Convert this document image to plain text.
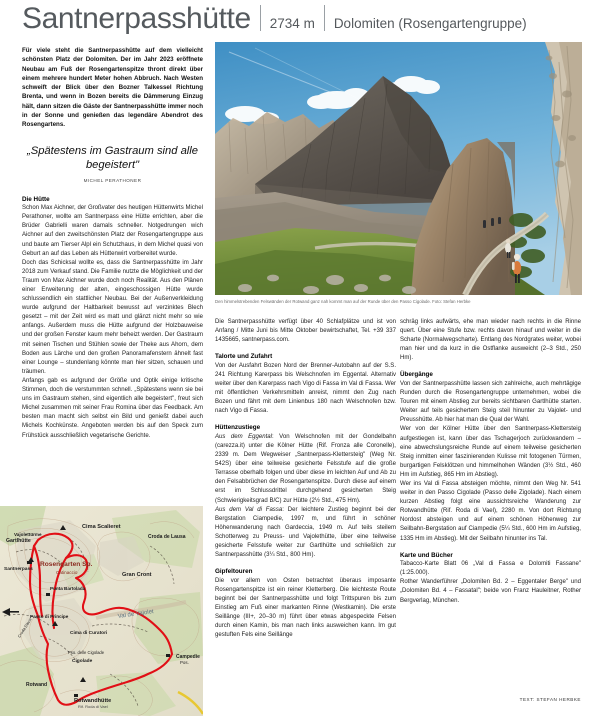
Santnerpasshütte 2734 m Dolomiten (Rosengartengruppe)
Den himmelstrebenden Felswänden der Rotwand ganz nah kommt man auf der Runde über den Passo Cigolade. Foto: Stefan Herbke

Für viele steht die Santnerpasshütte auf dem vielleicht schönsten Platz der Dolomiten. Der im Jahr 2023 eröffnete Neubau am Fuß der Rosengartenspitze thront direkt über einem mehrere hundert Meter hohen Abbruch. Nach Westen schweift der Blick über den Bozner Talkessel Richtung Brenta, und wenn in Bozen bereits die Dämmerung Einzug hält, dann sitzen die Gäste der Santnerpasshütte immer noch in der Sonne und genießen das legendäre Abendrot des Rosengartens.

„Spätestens im Gastraum sind alle begeistert"
MICHEL PERATHONER
Die Hütte

Schon Max Aichner, der Großvater des heutigen Hüttenwirts Michel Perathoner, wollte am Santnerpass eine Hütte errichten, aber die Brüder Gabrielli waren damals schneller. Notgedrungen wich Aichner auf den zweitschönsten Platz der Rosengartengruppe aus und baute am Tierser Alpl ein Schutzhaus, in dem Michel quasi von Geburt an auf das Leben als Hüttenwirt vorbereitet wurde.

Doch das Schicksal wollte es, dass die Santnerpasshütte im Jahr 2018 zum Verkauf stand. Die Familie nutzte die Möglichkeit und der Traum von Max Aichner wurde doch noch Realität. Aus den Plänen einer Erweiterung der alten, eingeschossigen Hütte wurde schlussendlich ein stattlicher Neubau. Bei der Außenverkleidung wurde aufgrund der Haltbarkeit bewusst auf verzinktes Blech gesetzt – mit der Zeit wird es matt und glänzt nicht mehr so wie anfangs. Außerdem muss die Hütte aufgrund der Holzbauweise und der großen Fenster kaum mehr beheizt werden. Der Gastraum mit seinen Tischen und Stühlen sowie der Theke aus Ahorn, dem Boden aus Lärche und den großen Panoramafenstern ähnelt fast einer Lounge – stundenlang könnte man hier sitzen, schauen und träumen.

Anfangs gab es aufgrund der Größe und Optik einige kritische Stimmen, doch die verstummten schnell. „Spätestens wenn sie bei uns im Gastraum stehen, sind eigentlich alle begeistert", freut sich Michel zusammen mit seiner Frau Romina über das Feedback. Am besten man macht sich selbst ein Bild und genießt dabei auch Michels Kochkünste. Angeboten werden bis auf den Speck zum Frühstück ausschließlich vegetarische Gerichte.

Die Santnerpasshütte verfügt über 40 Schlafplätze und ist von Anfang / Mitte Juni bis Mitte Oktober bewirtschaftet, Tel. +39 337 1435665, santnerpass.com.

Talorte und Zufahrt

Von der Ausfahrt Bozen Nord der Brenner-Autobahn auf der S.S. 241 Richtung Karerpass bis Welschnofen im Eggental. Alternativ weiter über den Karerpass nach Vigo di Fassa im Val di Fassa. Wer mit öffentlichen Verkehrsmitteln anreist, nimmt den Zug nach Bozen und fährt mit dem Linienbus 180 nach Welschnofen bzw. nach Vigo di Fassa.

Hüttenzustiege

Aus dem Eggental: Von Welschnofen mit der Gondelbahn (carezza.it) unter die Kölner Hütte (Rif. Fronza alle Coronelle), 2339 m. Dem Wegweiser „Santnerpass-Klettersteig" (Weg Nr. 542S) über eine teilweise gesicherte Felsstufe auf die große Terrasse oberhalb folgen und über diese im leichten Auf und Ab zu den Felsabbrüchen der Rosengartenspitze. Durch diese auf einem erst im Schlussdrittel durchgehend gesicherten Steig (Schwierigkeitsgrad B/C) zur Hütte (2½ Std., 475 Hm).

Aus dem Val di Fassa: Der leichtere Zustieg beginnt bei der Bergstation Ciampedie, 1997 m, und führt in schöner Höhenwanderung nach Gardeccia, 1949 m. Auf teils steilem Schotterweg zu Preuss- und Vajolethütte, über eine teilweise gesicherte Felsstufe weiter zur Gartlhütte und schließlich zur Santnerpasshütte (3¼ Std., 800 Hm).

Gipfeltouren

Die vor allem von Osten betrachtet überaus imposante Rosengartenspitze ist ein reiner Kletterberg. Die leichteste Route beginnt bei der Santnerpasshütte und folgt Trittspuren bis zum Einstieg am Fuß einer markanten Rinne (Westkamin). Die erste Seillänge (III+, 20–30 m) führt über etwas abgespeckte Felsen durch einen Kamin, bis man nach links ausweichen kann. Im gut gestuften Fels eine Seillänge

schräg links aufwärts, ehe man wieder nach rechts in die Rinne quert. Über eine Stufe bzw. rechts davon hinauf und weiter in die Scharte (Normalwegscharte). Entlang des Nordgrates weiter, wobei man hier und da kurz in die Ostflanke ausweicht (2–3 Std., 250 Hm).

Übergänge

Von der Santnerpasshütte lassen sich zahlreiche, auch mehrtägige Runden durch die Rosengartengruppe unternehmen, wobei die Touren mit einem Abstieg zur bereits sichtbaren Gartlhütte starten. Weiter auf teils gesichertem Steig steil hinunter zu Vajolet- und Preusshütte. Ab hier hat man die Qual der Wahl.

Wer von der Kölner Hütte über den Santnerpass-Klettersteig aufgestiegen ist, kann über das Tschagerjoch zurückwandern – eine abwechslungsreiche Runde auf einem teilweise gesicherten Steig inmitten einer faszinierenden Kulisse mit fotogenen Türmen, burgartigen Felsklötzen und himmelhohen Wänden (3½ Std., 460 Hm im Aufstieg, 865 Hm im Abstieg).

Wer ins Val di Fassa absteigen möchte, nimmt den Weg Nr. 541 weiter in den Passo Cigolade (Passo delle Zigolade). Nach einem kurzen Abstieg folgt eine aussichtsreiche Wanderung zur Rotwandhütte (Rif. Roda di Vael), 2280 m. Von dort Richtung Nordost absteigen und auf einem schönen Höhenweg zur Seilbahn-Bergstation auf Ciampedie (5¼ Std., 600 Hm im Aufstieg, 1335 Hm im Abstieg). Mit der Seilbahn hinunter ins Tal.

Karte und Bücher

Tabacco-Karte Blatt 06 „Val di Fassa e Dolomiti Fassane" (1:25.000).

Rother Wanderführer „Dolomiten Bd. 2 – Eggentaler Berge" und „Dolomiten Bd. 4 – Fassatal"; beide von Franz Hauleitner, Rother Bergverlag, München.

TEXT: STEFAN HERBKE
Vajolettürme
Gartlhütte
Santnerpass
Rosengarten Sp.
Catinaccio
Cima Scalieret
Croda de Lausa
Gran Cront
Punta Bartolada
Cima di Curatori
Cigolade
Pso. delle Cigolade
Rotwand
Rotwandhütte
Rif. Roda di Vael
Val de Vajolet
Campedie
Pos.
Passo di Principe
Croda Davoi
